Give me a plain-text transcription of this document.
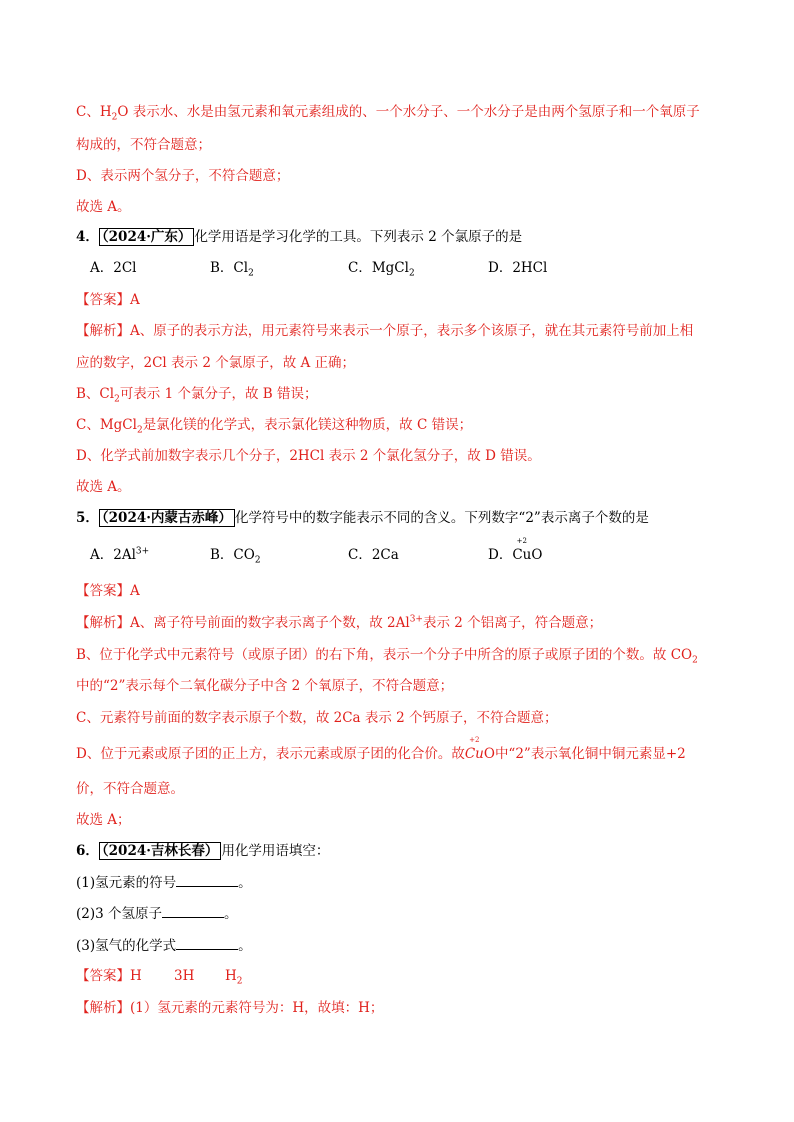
C、$H_2O$ 表示水、水是由氢元素和氧元素组成的、一个水分子、一个水分子是由两个氢原子和一个氧原子
构成的，不符合题意；
D、表示两个氢分子，不符合题意；
故选 A。
4． （2024·广东） 化学用语是学习化学的工具。下列表示 2 个氯原子的是
A．2Cl	B．$Cl_2$	C．MgCl$_2$	D．2HCl
【答案】A
【解析】A、原子的表示方法，用元素符号来表示一个原子，表示多个该原子，就在其元素符号前加上相
应的数字，2Cl 表示 2 个氯原子，故 A 正确；
B、$Cl_2$可表示 1 个氯分子，故 B 错误；
C、MgCl$_2$是氯化镁的化学式，表示氯化镁这种物质，故 C 错误；
D、化学式前加数字表示几个分子，2HCl 表示 2 个氯化氢分子，故 D 错误。
故选 A。
5． （2024·内蒙古赤峰） 化学符号中的数字能表示不同的含义。下列数字“2”表示离子个数的是
A．$2Al^{3+}$	B．$CO_2$	C．2Ca	D．
+2
CuO
【答案】A
【解析】A、离子符号前面的数字表示离子个数，故 $2Al^{3+}$表示 2 个铝离子，符合题意；
B、位于化学式中元素符号（或原子团）的右下角，表示一个分子中所含的原子或原子团的个数。故 $CO_2$
中的“2”表示每个二氧化碳分子中含 2 个氧原子，不符合题意；
C、元素符号前面的数字表示原子个数，故 2Ca 表示 2 个钙原子，不符合题意；
D、位于元素或原子团的正上方，表示元素或原子团的化合价。故
+2
CuO中“2”表示氧化铜中铜元素显+2
价，不符合题意。
故选 A；
6． （2024·吉林长春） 用化学用语填空：
(1)氢元素的符号	。
(2)3 个氢原子	。
(3)氢气的化学式	。
【答案】 H 3H $H_2$
【解析】(1）氢元素的元素符号为：H，故填：H；
